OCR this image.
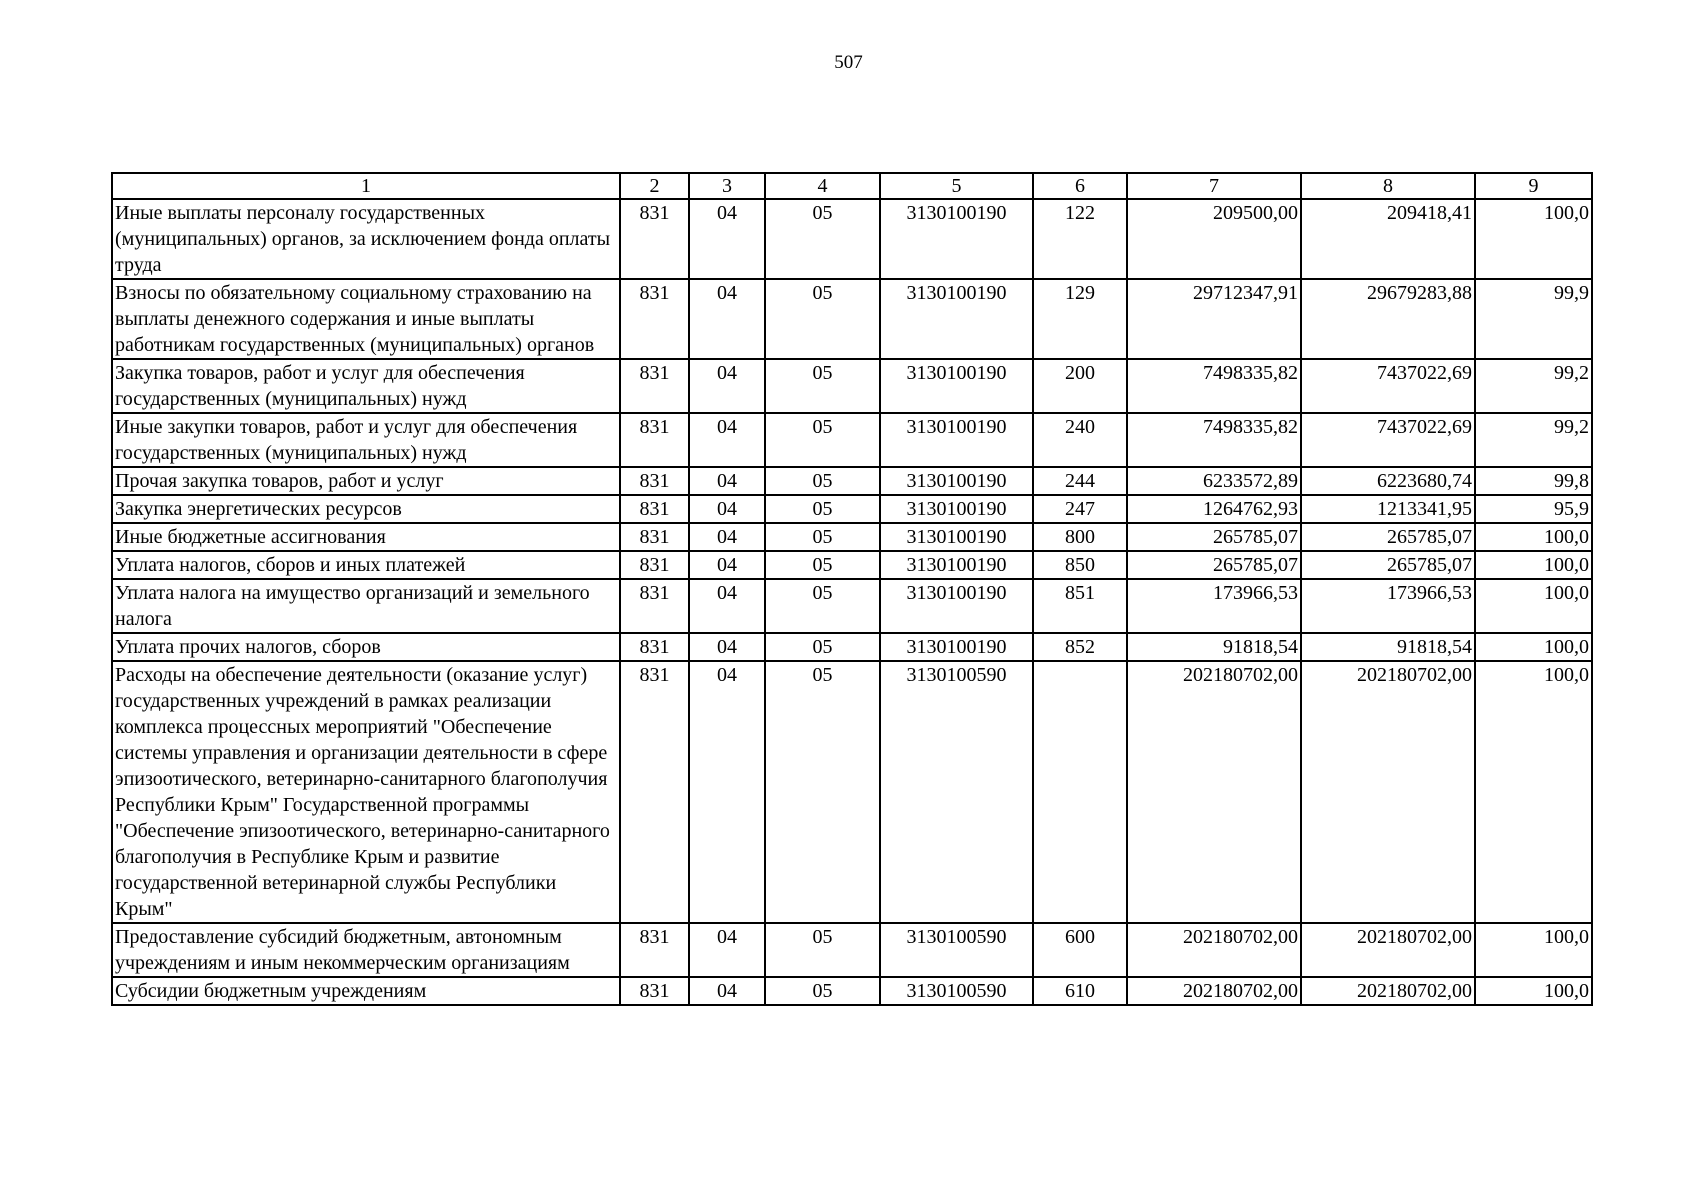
507
1	2	3	4	5	6	7	8	9
Иные выплаты персоналу государственных (муниципальных) органов, за исключением фонда оплаты труда	831	04	05	3130100190	122	209500,00	209418,41	100,0
Взносы по обязательному социальному страхованию на выплаты денежного содержания и иные выплаты работникам государственных (муниципальных) органов	831	04	05	3130100190	129	29712347,91	29679283,88	99,9
Закупка товаров, работ и услуг для обеспечения государственных (муниципальных) нужд	831	04	05	3130100190	200	7498335,82	7437022,69	99,2
Иные закупки товаров, работ и услуг для обеспечения государственных (муниципальных) нужд	831	04	05	3130100190	240	7498335,82	7437022,69	99,2
Прочая закупка товаров, работ и услуг	831	04	05	3130100190	244	6233572,89	6223680,74	99,8
Закупка энергетических ресурсов	831	04	05	3130100190	247	1264762,93	1213341,95	95,9
Иные бюджетные ассигнования	831	04	05	3130100190	800	265785,07	265785,07	100,0
Уплата налогов, сборов и иных платежей	831	04	05	3130100190	850	265785,07	265785,07	100,0
Уплата налога на имущество организаций и земельного налога	831	04	05	3130100190	851	173966,53	173966,53	100,0
Уплата прочих налогов, сборов	831	04	05	3130100190	852	91818,54	91818,54	100,0
Расходы на обеспечение деятельности (оказание услуг) государственных учреждений в рамках реализации комплекса процессных мероприятий "Обеспечение системы управления и организации деятельности в сфере эпизоотического, ветеринарно-санитарного благополучия Республики Крым" Государственной программы "Обеспечение эпизоотического, ветеринарно-санитарного благополучия в Республике Крым и развитие государственной ветеринарной службы Республики Крым"	831	04	05	3130100590		202180702,00	202180702,00	100,0
Предоставление субсидий бюджетным, автономным учреждениям и иным некоммерческим организациям	831	04	05	3130100590	600	202180702,00	202180702,00	100,0
Субсидии бюджетным учреждениям	831	04	05	3130100590	610	202180702,00	202180702,00	100,0
